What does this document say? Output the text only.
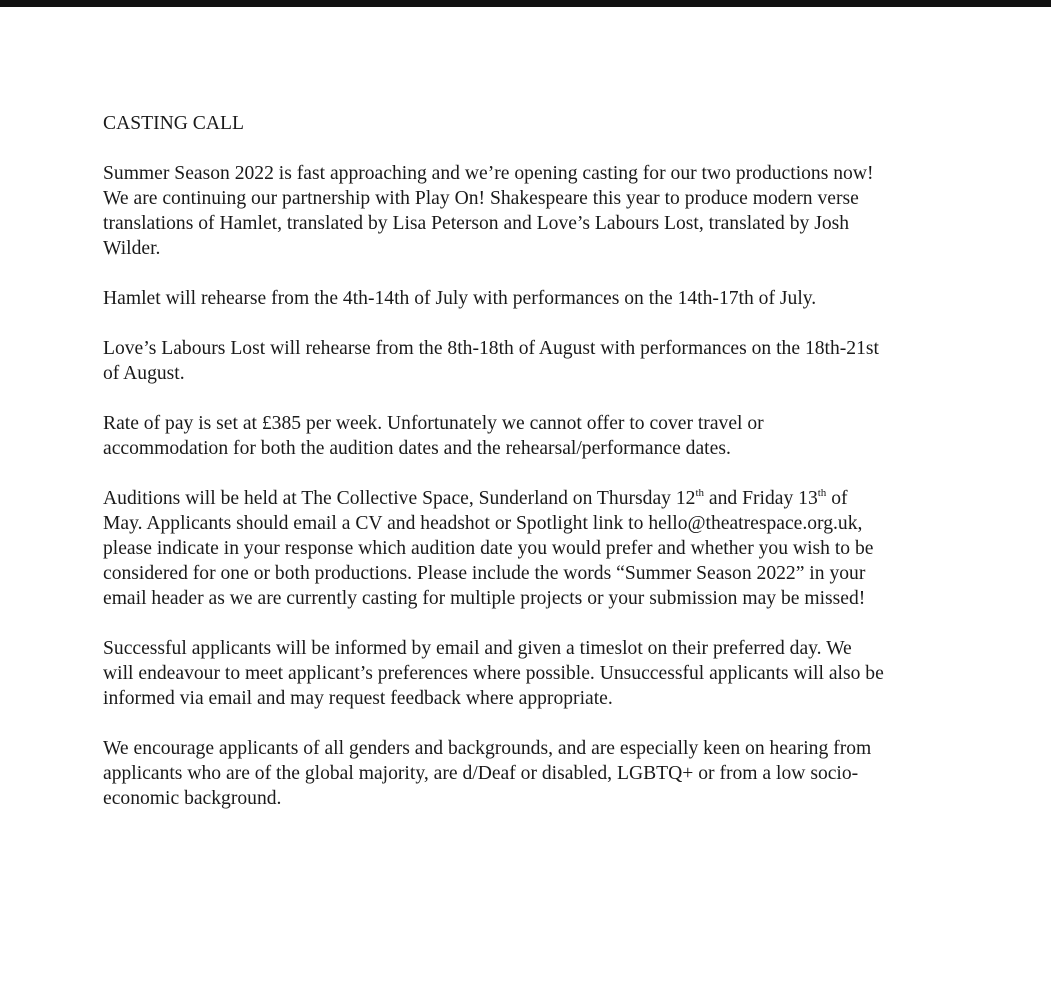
CASTING CALL

Summer Season 2022 is fast approaching and we’re opening casting for our two productions now!
We are continuing our partnership with Play On! Shakespeare this year to produce modern verse
translations of Hamlet, translated by Lisa Peterson and Love’s Labours Lost, translated by Josh
Wilder.

Hamlet will rehearse from the 4th-14th of July with performances on the 14th-17th of July.

Love’s Labours Lost will rehearse from the 8th-18th of August with performances on the 18th-21st
of August.

Rate of pay is set at £385 per week. Unfortunately we cannot offer to cover travel or
accommodation for both the audition dates and the rehearsal/performance dates.

Auditions will be held at The Collective Space, Sunderland on Thursday 12th and Friday 13th of
May. Applicants should email a CV and headshot or Spotlight link to hello@theatrespace.org.uk,
please indicate in your response which audition date you would prefer and whether you wish to be
considered for one or both productions. Please include the words “Summer Season 2022” in your
email header as we are currently casting for multiple projects or your submission may be missed!

Successful applicants will be informed by email and given a timeslot on their preferred day. We
will endeavour to meet applicant’s preferences where possible. Unsuccessful applicants will also be
informed via email and may request feedback where appropriate.

We encourage applicants of all genders and backgrounds, and are especially keen on hearing from
applicants who are of the global majority, are d/Deaf or disabled, LGBTQ+ or from a low socio-
economic background.
